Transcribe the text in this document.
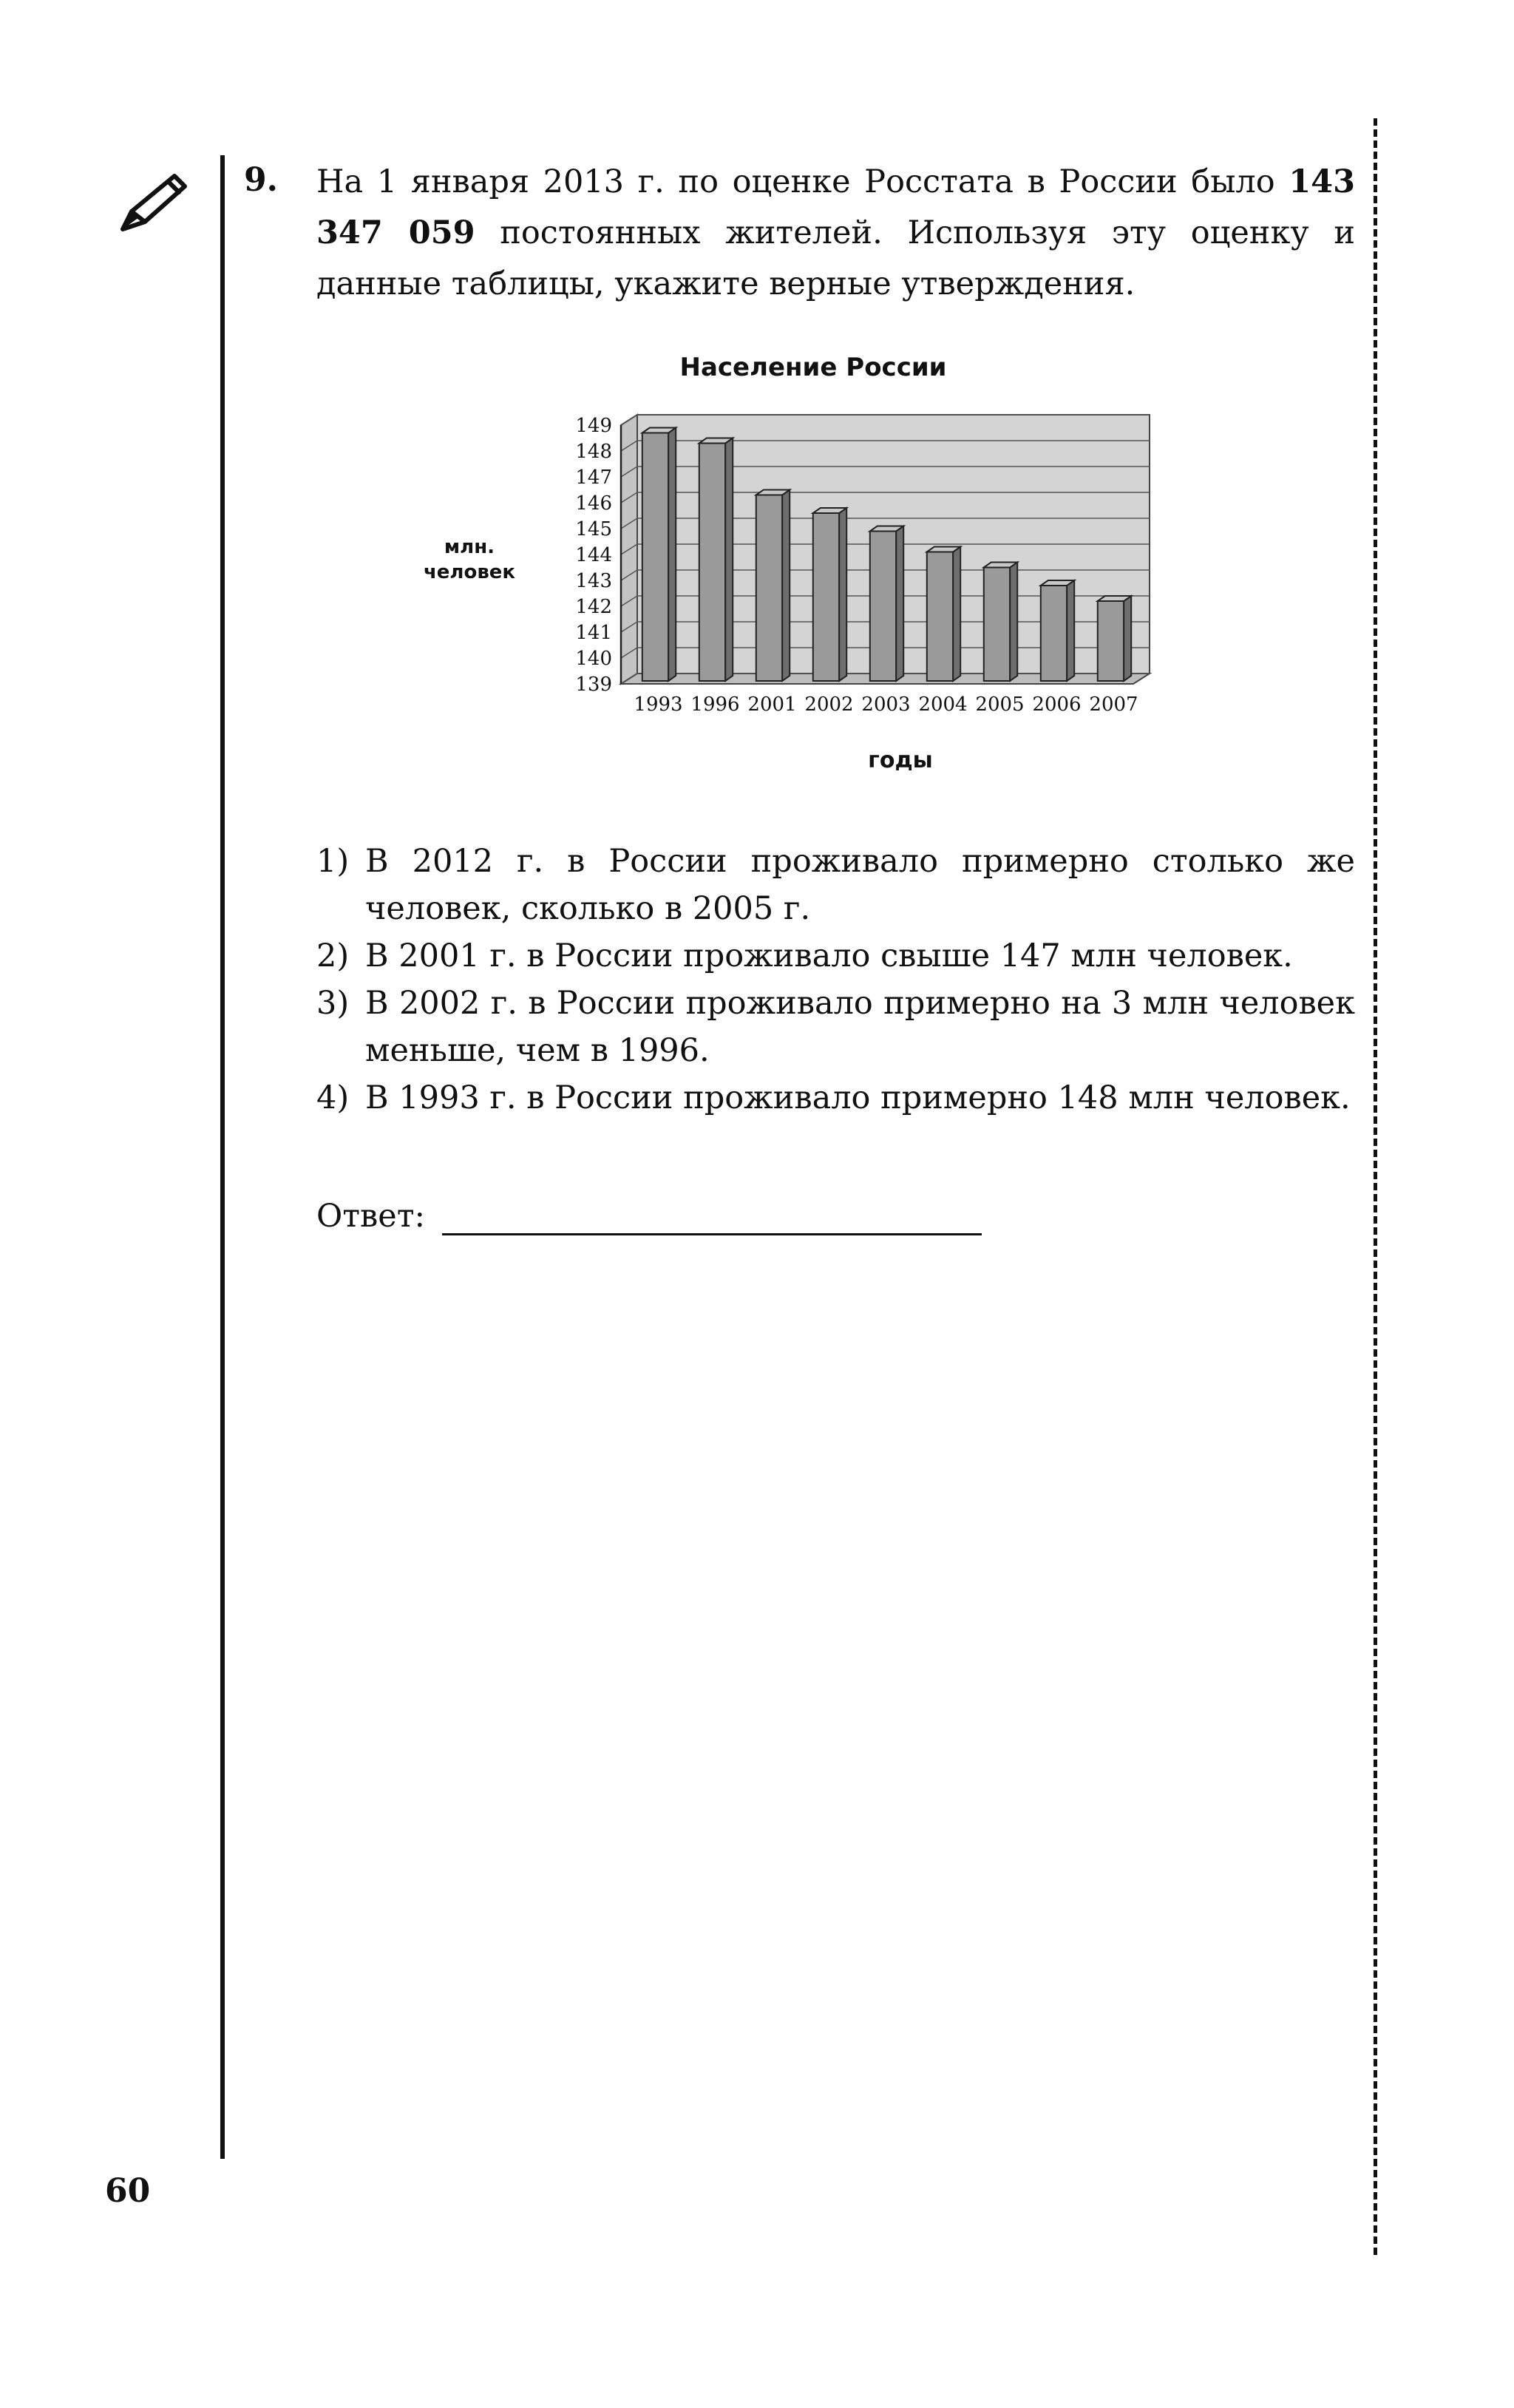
9. На 1 января 2013 г. по оценке Росстата в России было 143 347 059 постоянных жителей. Используя эту оценку и данные таблицы, укажите верные утверждения.
Население России
млн.
человек
годы
139
140
141
142
143
144
145
146
147
148
149
1993 1996 2001 2002 2003 2004 2005 2006 2007
1) В 2012 г. в России проживало примерно столько же человек, сколько в 2005 г.
2) В 2001 г. в России проживало свыше 147 млн человек.
3) В 2002 г. в России проживало примерно на 3 млн человек меньше, чем в 1996.
4) В 1993 г. в России проживало примерно 148 млн человек.
Ответ:
60
